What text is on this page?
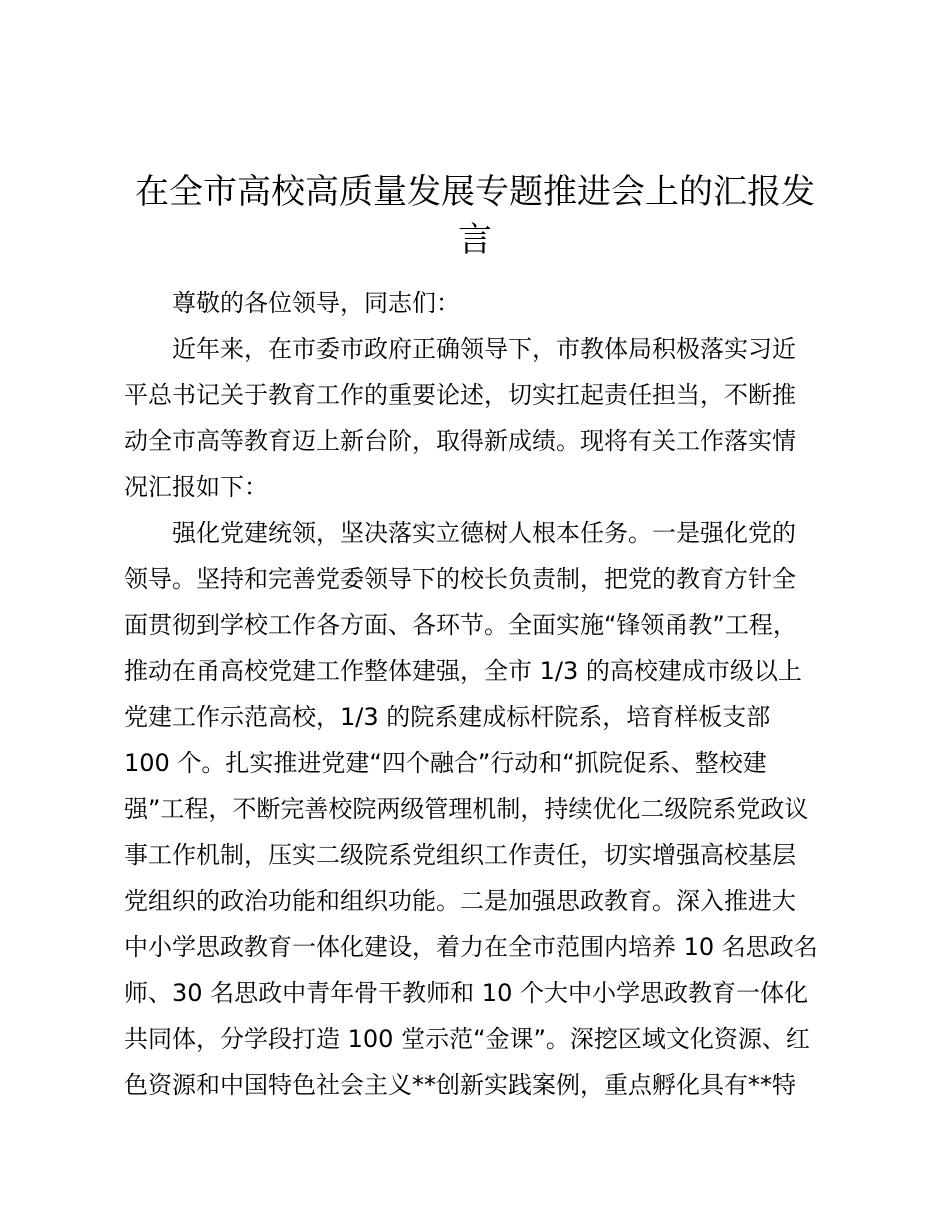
在全市高校高质量发展专题推进会上的汇报发
言

尊敬的各位领导，同志们：

近年来，在市委市政府正确领导下，市教体局积极落实习近

平总书记关于教育工作的重要论述，切实扛起责任担当，不断推

动全市高等教育迈上新台阶，取得新成绩。现将有关工作落实情

况汇报如下：

强化党建统领，坚决落实立德树人根本任务。一是强化党的

领导。坚持和完善党委领导下的校长负责制，把党的教育方针全

面贯彻到学校工作各方面、各环节。全面实施“锋领甬教”工程，

推动在甬高校党建工作整体建强，全市 1/3 的高校建成市级以上

党建工作示范高校，1/3 的院系建成标杆院系，培育样板支部

100 个。扎实推进党建“四个融合”行动和“抓院促系、整校建

强”工程，不断完善校院两级管理机制，持续优化二级院系党政议

事工作机制，压实二级院系党组织工作责任，切实增强高校基层

党组织的政治功能和组织功能。二是加强思政教育。深入推进大

中小学思政教育一体化建设，着力在全市范围内培养 10 名思政名

师、30 名思政中青年骨干教师和 10 个大中小学思政教育一体化

共同体，分学段打造 100 堂示范“金课”。深挖区域文化资源、红

色资源和中国特色社会主义**创新实践案例，重点孵化具有**特
